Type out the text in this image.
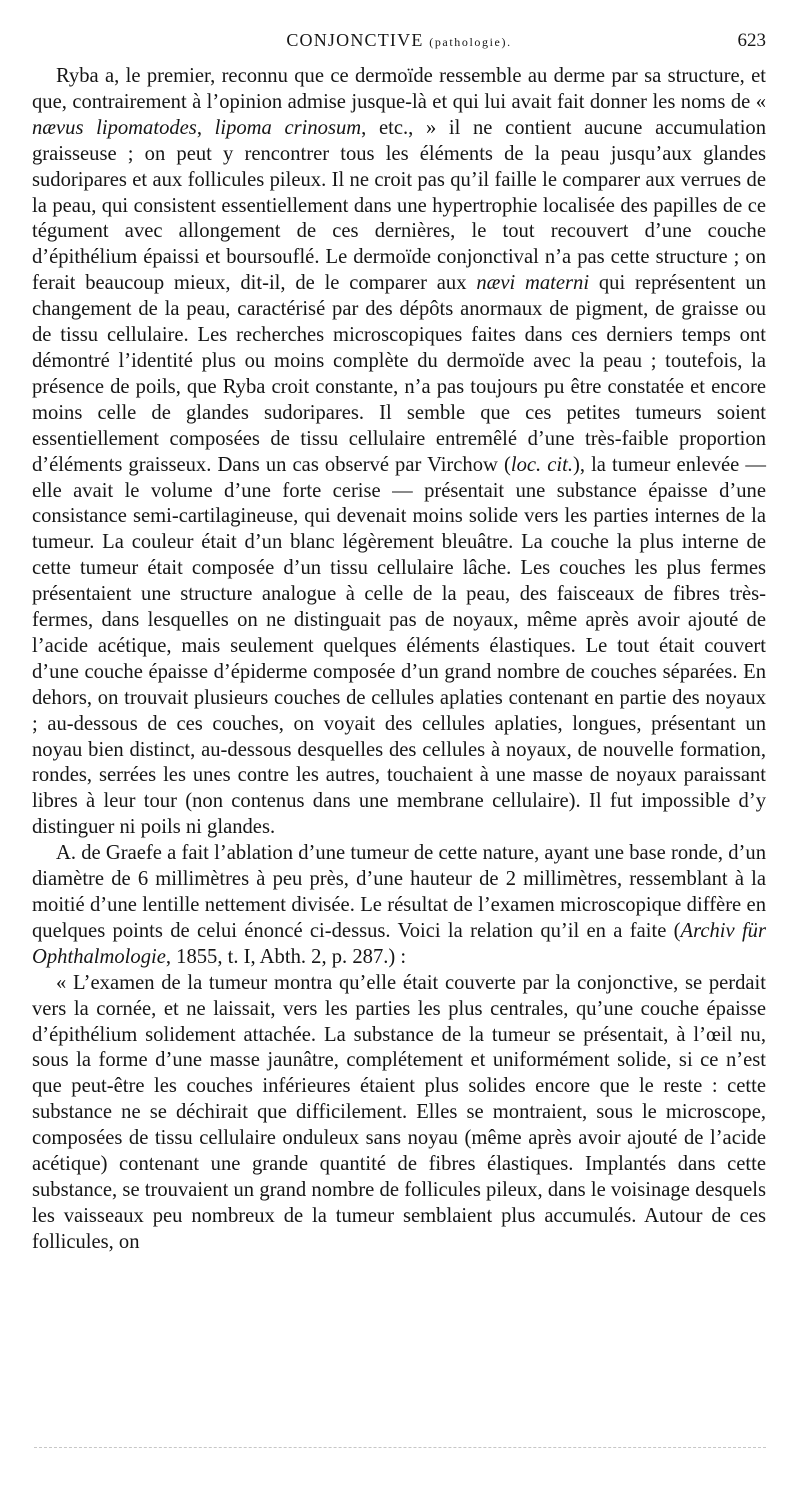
CONJONCTIVE (pathologie).	623

Ryba a, le premier, reconnu que ce dermoïde ressemble au derme par sa structure, et que, contrairement à l’opinion admise jusque-là et qui lui avait fait donner les noms de « nævus lipomatodes, lipoma crinosum, etc., » il ne contient aucune accumulation graisseuse ; on peut y rencontrer tous les éléments de la peau jusqu’aux glandes sudoripares et aux follicules pileux. Il ne croit pas qu’il faille le comparer aux verrues de la peau, qui consistent essentiellement dans une hypertrophie localisée des papilles de ce tégument avec allongement de ces dernières, le tout recouvert d’une couche d’épithélium épaissi et boursouflé. Le dermoïde conjonctival n’a pas cette structure ; on ferait beaucoup mieux, dit-il, de le comparer aux nævi materni qui représentent un changement de la peau, caractérisé par des dépôts anormaux de pigment, de graisse ou de tissu cellulaire. Les recherches microscopiques faites dans ces derniers temps ont démontré l’identité plus ou moins complète du dermoïde avec la peau ; toutefois, la présence de poils, que Ryba croit constante, n’a pas toujours pu être constatée et encore moins celle de glandes sudoripares. Il semble que ces petites tumeurs soient essentiellement composées de tissu cellulaire entremêlé d’une très-faible proportion d’éléments graisseux. Dans un cas observé par Virchow (loc. cit.), la tumeur enlevée — elle avait le volume d’une forte cerise — présentait une substance épaisse d’une consistance semi-cartilagineuse, qui devenait moins solide vers les parties internes de la tumeur. La couleur était d’un blanc légèrement bleuâtre. La couche la plus interne de cette tumeur était composée d’un tissu cellulaire lâche. Les couches les plus fermes présentaient une structure analogue à celle de la peau, des faisceaux de fibres très-fermes, dans lesquelles on ne distinguait pas de noyaux, même après avoir ajouté de l’acide acétique, mais seulement quelques éléments élastiques. Le tout était couvert d’une couche épaisse d’épiderme composée d’un grand nombre de couches séparées. En dehors, on trouvait plusieurs couches de cellules aplaties contenant en partie des noyaux ; au-dessous de ces couches, on voyait des cellules aplaties, longues, présentant un noyau bien distinct, au-dessous desquelles des cellules à noyaux, de nouvelle formation, rondes, serrées les unes contre les autres, touchaient à une masse de noyaux paraissant libres à leur tour (non contenus dans une membrane cellulaire). Il fut impossible d’y distinguer ni poils ni glandes.

A. de Graefe a fait l’ablation d’une tumeur de cette nature, ayant une base ronde, d’un diamètre de 6 millimètres à peu près, d’une hauteur de 2 millimètres, ressemblant à la moitié d’une lentille nettement divisée. Le résultat de l’examen microscopique diffère en quelques points de celui énoncé ci-dessus. Voici la relation qu’il en a faite (Archiv für Ophthalmologie, 1855, t. I, Abth. 2, p. 287.) :

« L’examen de la tumeur montra qu’elle était couverte par la conjonctive, se perdait vers la cornée, et ne laissait, vers les parties les plus centrales, qu’une couche épaisse d’épithélium solidement attachée. La substance de la tumeur se présentait, à l’œil nu, sous la forme d’une masse jaunâtre, complétement et uniformément solide, si ce n’est que peut-être les couches inférieures étaient plus solides encore que le reste : cette substance ne se déchirait que difficilement. Elles se montraient, sous le microscope, composées de tissu cellulaire onduleux sans noyau (même après avoir ajouté de l’acide acétique) contenant une grande quantité de fibres élastiques. Implantés dans cette substance, se trouvaient un grand nombre de follicules pileux, dans le voisinage desquels les vaisseaux peu nombreux de la tumeur semblaient plus accumulés. Autour de ces follicules, on
